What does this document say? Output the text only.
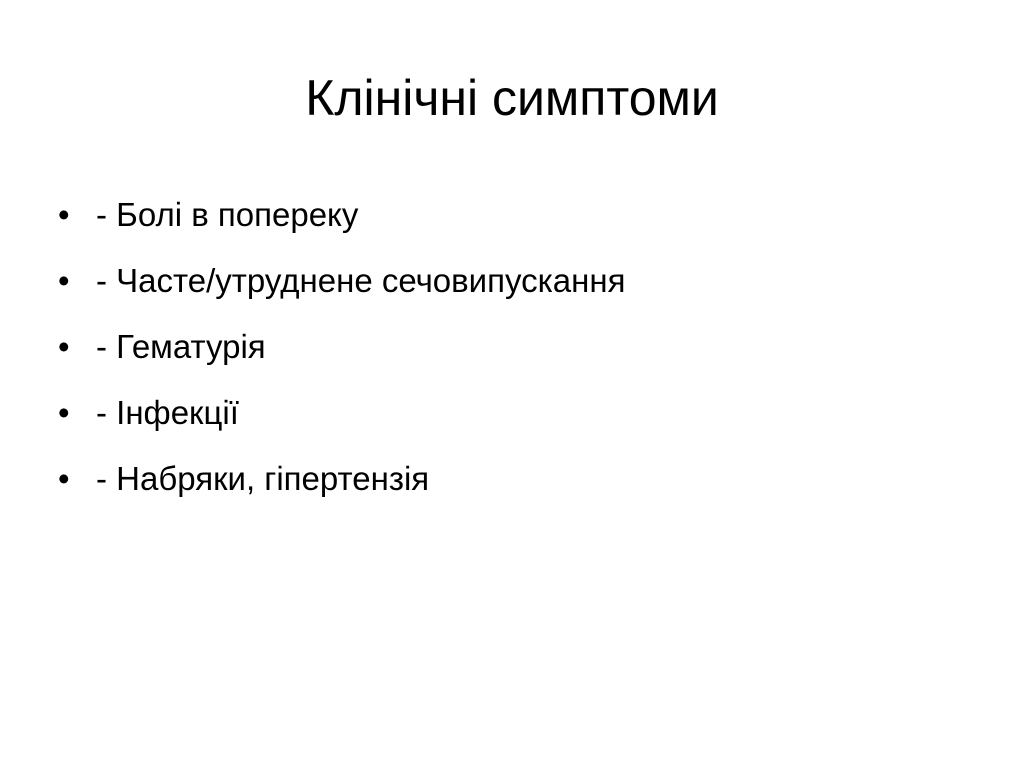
Клінічні симптоми
• - Болі в попереку
• - Часте/утруднене сечовипускання
• - Гематурія
• - Інфекції
• - Набряки, гіпертензія
